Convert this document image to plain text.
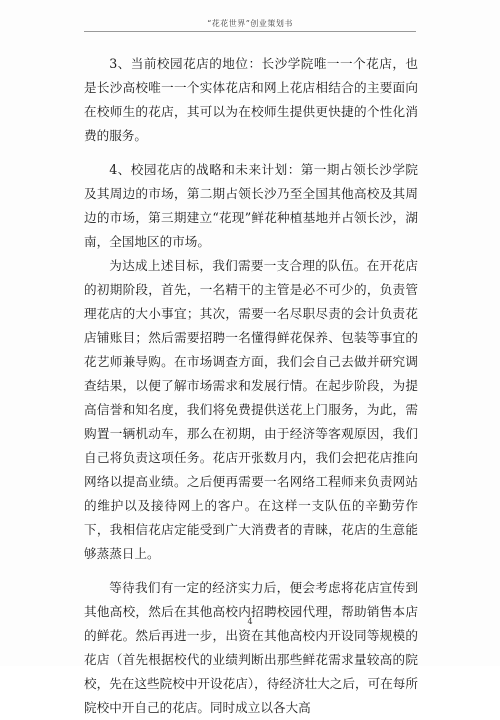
“花花世界”创业策划书

3、当前校园花店的地位：长沙学院唯一一个花店，也是长沙高校唯一一个实体花店和网上花店相结合的主要面向在校师生的花店，其可以为在校师生提供更快捷的个性化消费的服务。

4、校园花店的战略和未来计划：第一期占领长沙学院及其周边的市场，第二期占领长沙乃至全国其他高校及其周边的市场，第三期建立“花现”鲜花种植基地并占领长沙，湖南，全国地区的市场。

为达成上述目标，我们需要一支合理的队伍。在开花店的初期阶段，首先，一名精干的主管是必不可少的，负责管理花店的大小事宜；其次，需要一名尽职尽责的会计负责花店铺账目；然后需要招聘一名懂得鲜花保养、包装等事宜的花艺师兼导购。在市场调查方面，我们会自己去做并研究调查结果，以便了解市场需求和发展行情。在起步阶段，为提高信誉和知名度，我们将免费提供送花上门服务，为此，需购置一辆机动车，那么在初期，由于经济等客观原因，我们自己将负责这项任务。花店开张数月内，我们会把花店推向网络以提高业绩。之后便再需要一名网络工程师来负责网站的维护以及接待网上的客户。在这样一支队伍的辛勤劳作下，我相信花店定能受到广大消费者的青睐，花店的生意能够蒸蒸日上。

等待我们有一定的经济实力后，便会考虑将花店宣传到其他高校，然后在其他高校内招聘校园代理，帮助销售本店的鲜花。然后再进一步，出资在其他高校内开设同等规模的花店（首先根据校代的业绩判断出那些鲜花需求量较高的院校，先在这些院校中开设花店），待经济壮大之后，可在每所院校中开自己的花店。同时成立以各大高

4
